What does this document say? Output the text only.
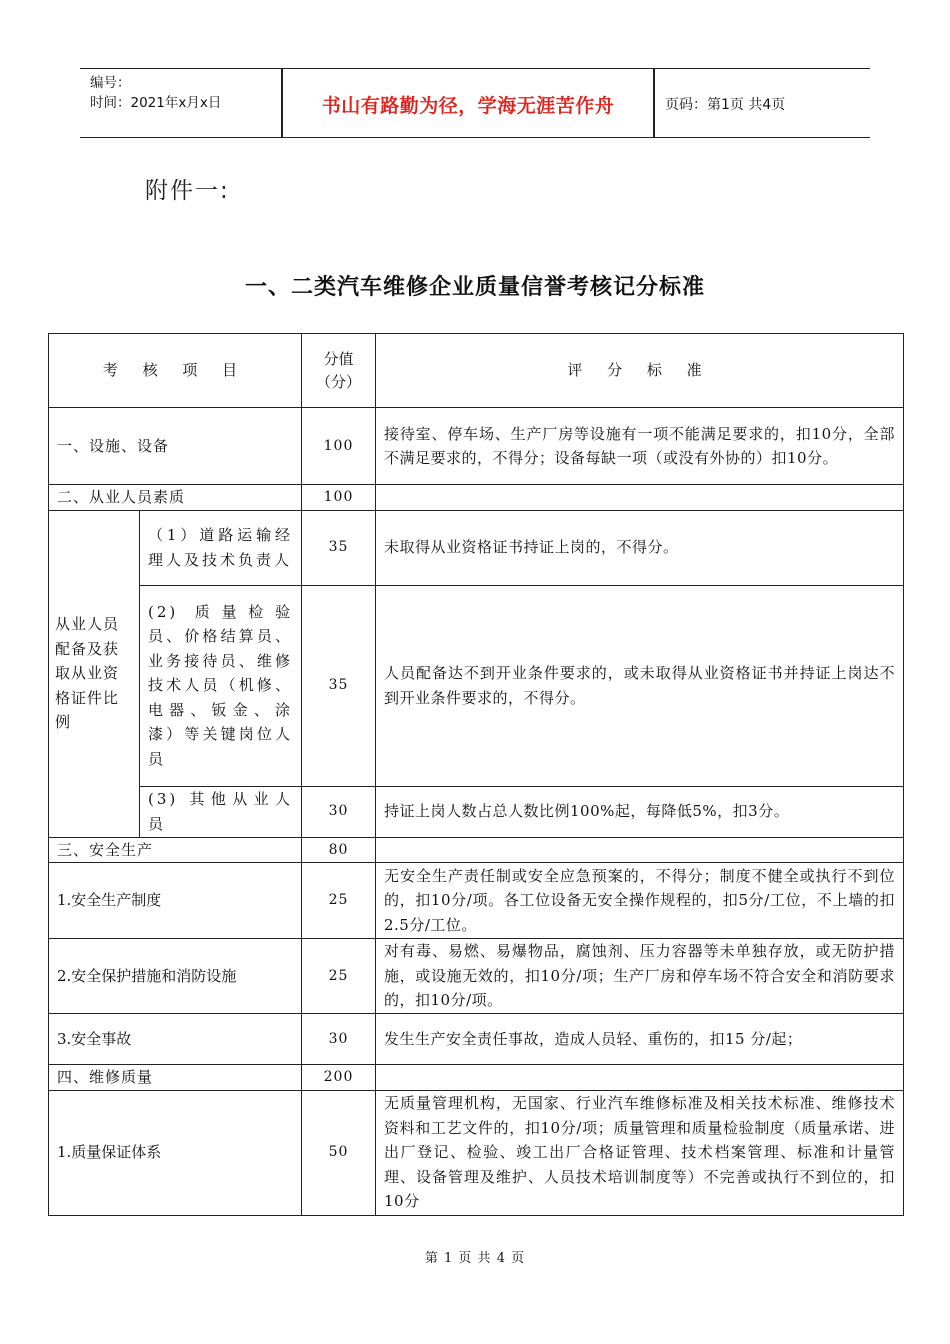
编号：
时间：2021年x月x日	书山有路勤为径，学海无涯苦作舟	页码：第1页 共4页
附件一:
一、二类汽车维修企业质量信誉考核记分标准
考 核 项 目		分值（分）	评 分 标 准
一、设施、设备		100	接待室、停车场、生产厂房等设施有一项不能满足要求的，扣10分，全部不满足要求的，不得分；设备每缺一项（或没有外协的）扣10分。
二、从业人员素质		100	
从业人员配备及获取从业资格证件比例	（1）道路运输经理人及技术负责人	35	未取得从业资格证书持证上岗的，不得分。
	(2) 质量检验员、价格结算员、业务接待员、维修技术人员（机修、电器、钣金、涂漆）等关键岗位人员	35	人员配备达不到开业条件要求的，或未取得从业资格证书并持证上岗达不到开业条件要求的，不得分。
	(3) 其他从业人员	30	持证上岗人数占总人数比例100%起，每降低5%，扣3分。
三、安全生产		80	
1.安全生产制度		25	无安全生产责任制或安全应急预案的，不得分；制度不健全或执行不到位的，扣10分/项。各工位设备无安全操作规程的，扣5分/工位，不上墙的扣2.5分/工位。
2.安全保护措施和消防设施		25	对有毒、易燃、易爆物品，腐蚀剂、压力容器等未单独存放，或无防护措施，或设施无效的，扣10分/项；生产厂房和停车场不符合安全和消防要求的，扣10分/项。
3.安全事故		30	发生生产安全责任事故，造成人员轻、重伤的，扣15 分/起；
四、维修质量		200	
1.质量保证体系		50	无质量管理机构，无国家、行业汽车维修标准及相关技术标准、维修技术资料和工艺文件的，扣10分/项；质量管理和质量检验制度（质量承诺、进出厂登记、检验、竣工出厂合格证管理、技术档案管理、标准和计量管理、设备管理及维护、人员技术培训制度等）不完善或执行不到位的，扣10分
第 1 页 共 4 页
